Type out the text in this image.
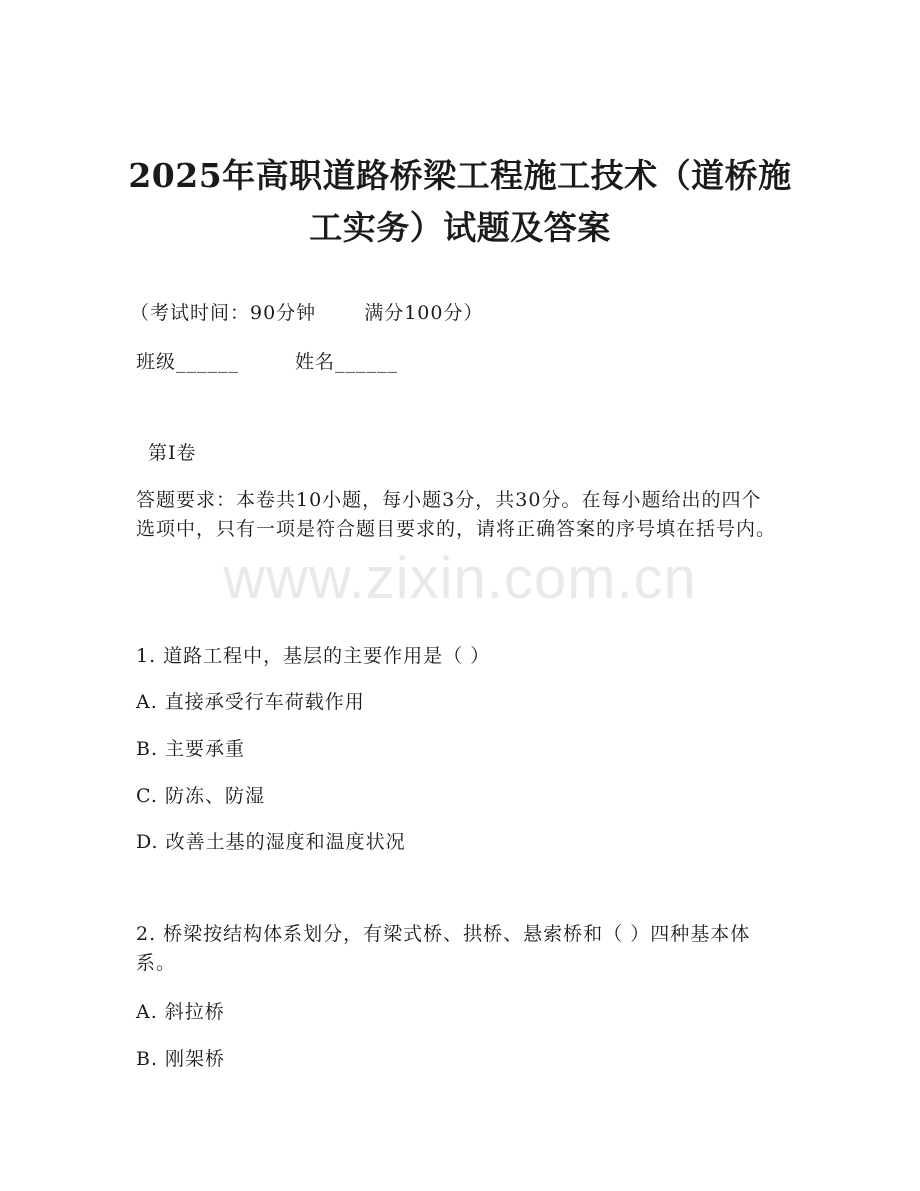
2025年高职道路桥梁工程施工技术（道桥施
工实务）试题及答案
（考试时间：90分钟	满分100分）
班级______	姓名______
第I卷
答题要求：本卷共10小题，每小题3分，共30分。在每小题给出的四个选项中，只有一项是符合题目要求的，请将正确答案的序号填在括号内。
1. 道路工程中，基层的主要作用是（ ）
A. 直接承受行车荷载作用
B. 主要承重
C. 防冻、防湿
D. 改善土基的湿度和温度状况
2. 桥梁按结构体系划分，有梁式桥、拱桥、悬索桥和（ ）四种基本体系。
A. 斜拉桥
B. 刚架桥
www.zixin.com.cn
